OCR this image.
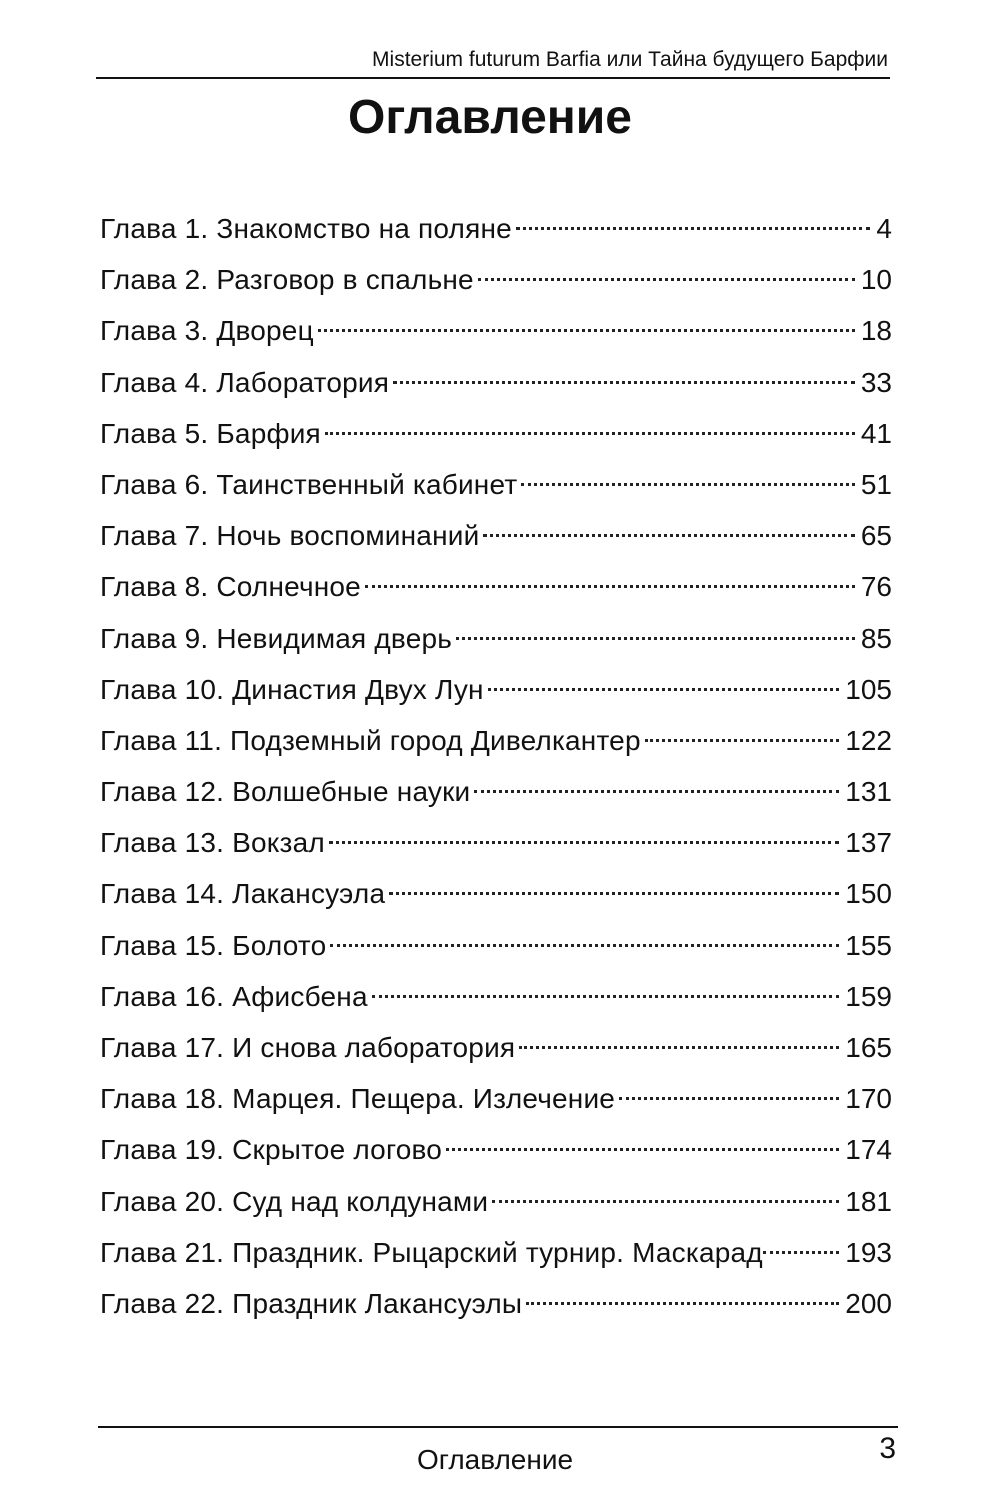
Misterium futurum Barfia или Тайна будущего Барфии
Оглавление
Глава 1. Знакомство на поляне	4
Глава 2. Разговор в спальне	10
Глава 3. Дворец	18
Глава 4. Лаборатория	33
Глава 5. Барфия	41
Глава 6. Таинственный кабинет	51
Глава 7. Ночь воспоминаний	65
Глава 8. Солнечное	76
Глава 9. Невидимая дверь	85
Глава 10. Династия Двух Лун	105
Глава 11. Подземный город Дивелкантер	122
Глава 12. Волшебные науки	131
Глава 13. Вокзал	137
Глава 14. Лакансуэла	150
Глава 15. Болото	155
Глава 16. Афисбена	159
Глава 17. И снова лаборатория	165
Глава 18. Марцея. Пещера. Излечение	170
Глава 19. Скрытое логово	174
Глава 20. Суд над колдунами	181
Глава 21. Праздник. Рыцарский турнир. Маскарад	193
Глава 22. Праздник Лакансуэлы	200
Оглавление	3
